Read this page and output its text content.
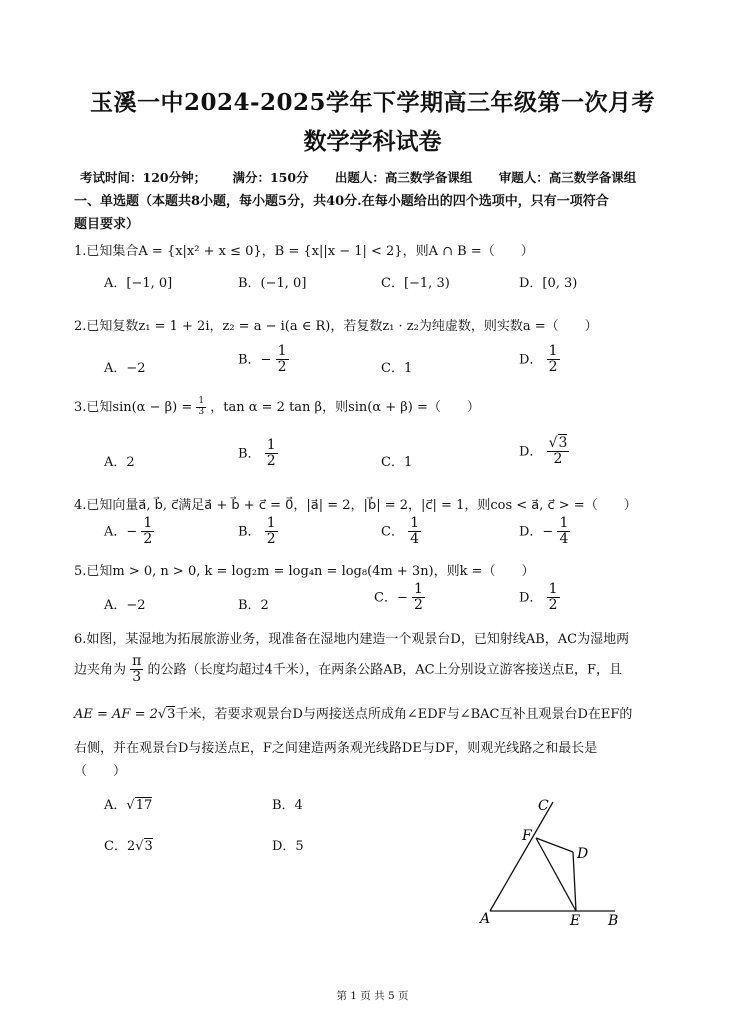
玉溪一中2024-2025学年下学期高三年级第一次月考
数学学科试卷
考试时间：120分钟； 满分：150分 出题人：高三数学备课组 审题人：高三数学备课组
一、单选题（本题共8小题，每小题5分，共40分.在每小题给出的四个选项中，只有一项符合
题目要求）
1.已知集合A = {x|x² + x ≤ 0}，B = {x||x − 1| < 2}，则A ∩ B =（　　）
A．[−1, 0]	B．(−1, 0]	C．[−1, 3)	D．[0, 3)
2.已知复数z₁ = 1 + 2i，z₂ = a − i(a ∈ R)，若复数z₁ · z₂为纯虚数，则实数a =（　　）
A．−2
B．− $\frac{1}{2}$	C．1
D． $\frac{1}{2}$
3.已知$\sin(\alpha - \beta) = \frac{1}{3}$ ，tan α = 2 tan β，则sin(α + β) =（　　）
A．2
B． $\frac{1}{2}$	C．1
D． $\frac{√3}{2}$
4.已知向量a⃗, b⃗, c⃗满足a⃗ + b⃗ + c⃗ = 0⃗，|a⃗| = 2，|b⃗| = 2，|c⃗| = 1，则cos < a⃗, c⃗ > =（　　）
A．− $\frac{1}{2}$	B． $\frac{1}{2}$	C． $\frac{1}{4}$	D．− $\frac{1}{4}$
5.已知m > 0, n > 0, k = log₂m = log₄n = log₈(4m + 3n)，则k =（　　）
A．−2	B．2
C．− $\frac{1}{2}$	D． $\frac{1}{2}$
6.如图，某湿地为拓展旅游业务，现准备在湿地内建造一个观景台D，已知射线AB，AC为湿地两
边夹角为 $\frac{\pi}{3}$ 的公路（长度均超过4千米），在两条公路AB，AC上分别设立游客接送点E，F，且
AE = AF = 2√3千米，若要求观景台D与两接送点所成角∠EDF与∠BAC互补且观景台D在EF的
右侧，并在观景台D与接送点E，F之间建造两条观光线路DE与DF，则观光线路之和最长是
（　　）
A．√17	B．4
C．2√3	D．5
C
F
D
A	E B
第 1 页 共 5 页
